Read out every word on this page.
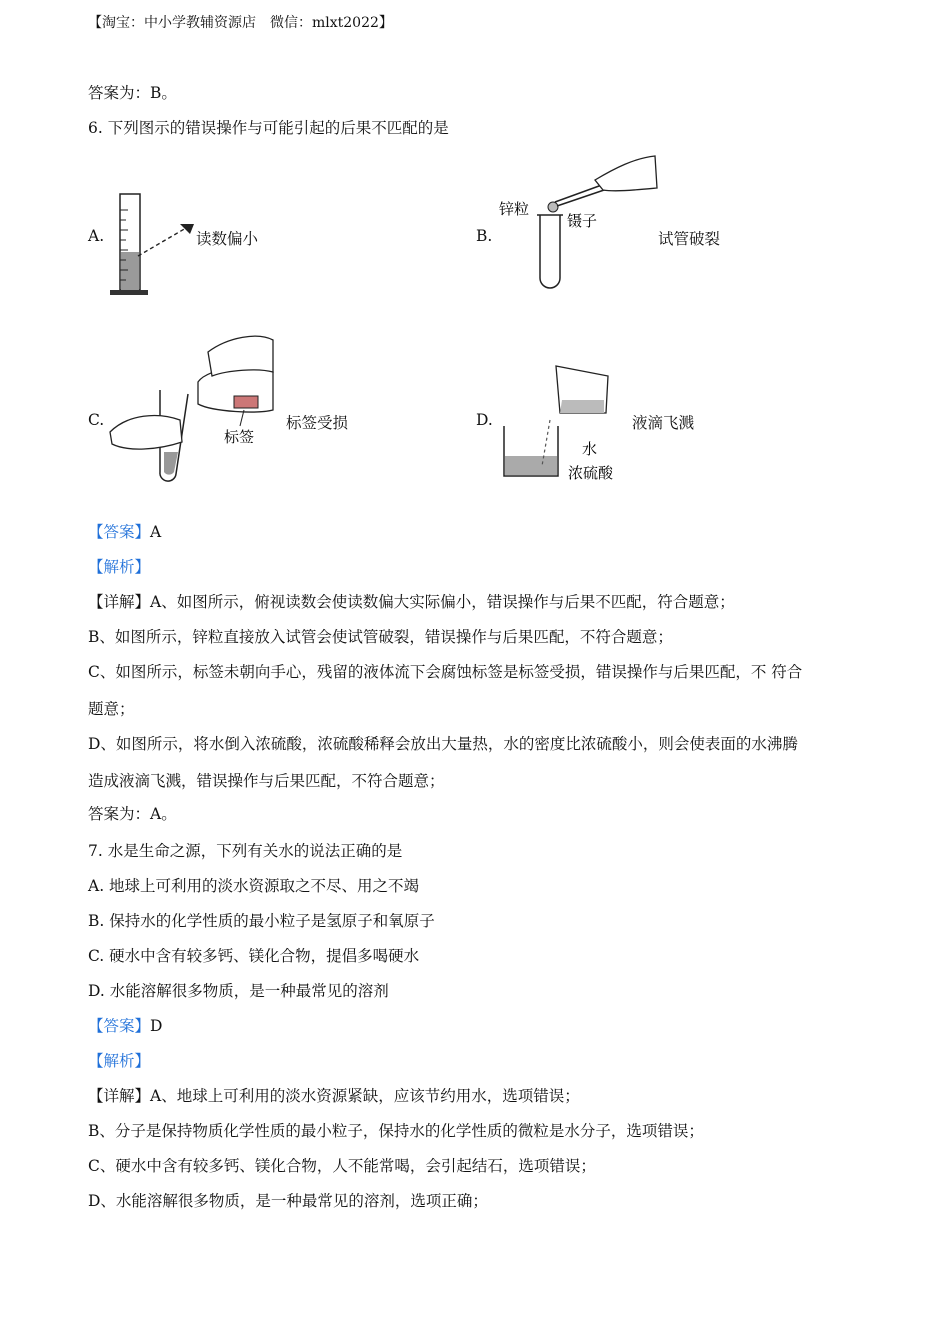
【淘宝：中小学教辅资源店　微信：mlxt2022】
答案为：B。
6. 下列图示的错误操作与可能引起的后果不匹配的是
A.	读数偏小	B.
锌粒
镊子
试管破裂
C.
标签
标签受损	D.
水
浓硫酸
液滴飞溅
【答案】A
【解析】
【详解】A、如图所示，俯视读数会使读数偏大实际偏小，错误操作与后果不匹配，符合题意；
B、如图所示，锌粒直接放入试管会使试管破裂，错误操作与后果匹配，不符合题意；
C、如图所示，标签未朝向手心，残留的液体流下会腐蚀标签是标签受损，错误操作与后果匹配，不 符合
题意；
D、如图所示，将水倒入浓硫酸，浓硫酸稀释会放出大量热，水的密度比浓硫酸小，则会使表面的水沸腾
造成液滴飞溅，错误操作与后果匹配，不符合题意；
答案为：A。
7. 水是生命之源，下列有关水的说法正确的是
A. 地球上可利用的淡水资源取之不尽、用之不竭
B. 保持水的化学性质的最小粒子是氢原子和氧原子
C. 硬水中含有较多钙、镁化合物，提倡多喝硬水
D. 水能溶解很多物质，是一种最常见的溶剂
【答案】D
【解析】
【详解】A、地球上可利用的淡水资源紧缺，应该节约用水，选项错误；
B、分子是保持物质化学性质的最小粒子，保持水的化学性质的微粒是水分子，选项错误；
C、硬水中含有较多钙、镁化合物，人不能常喝，会引起结石，选项错误；
D、水能溶解很多物质，是一种最常见的溶剂，选项正确；
